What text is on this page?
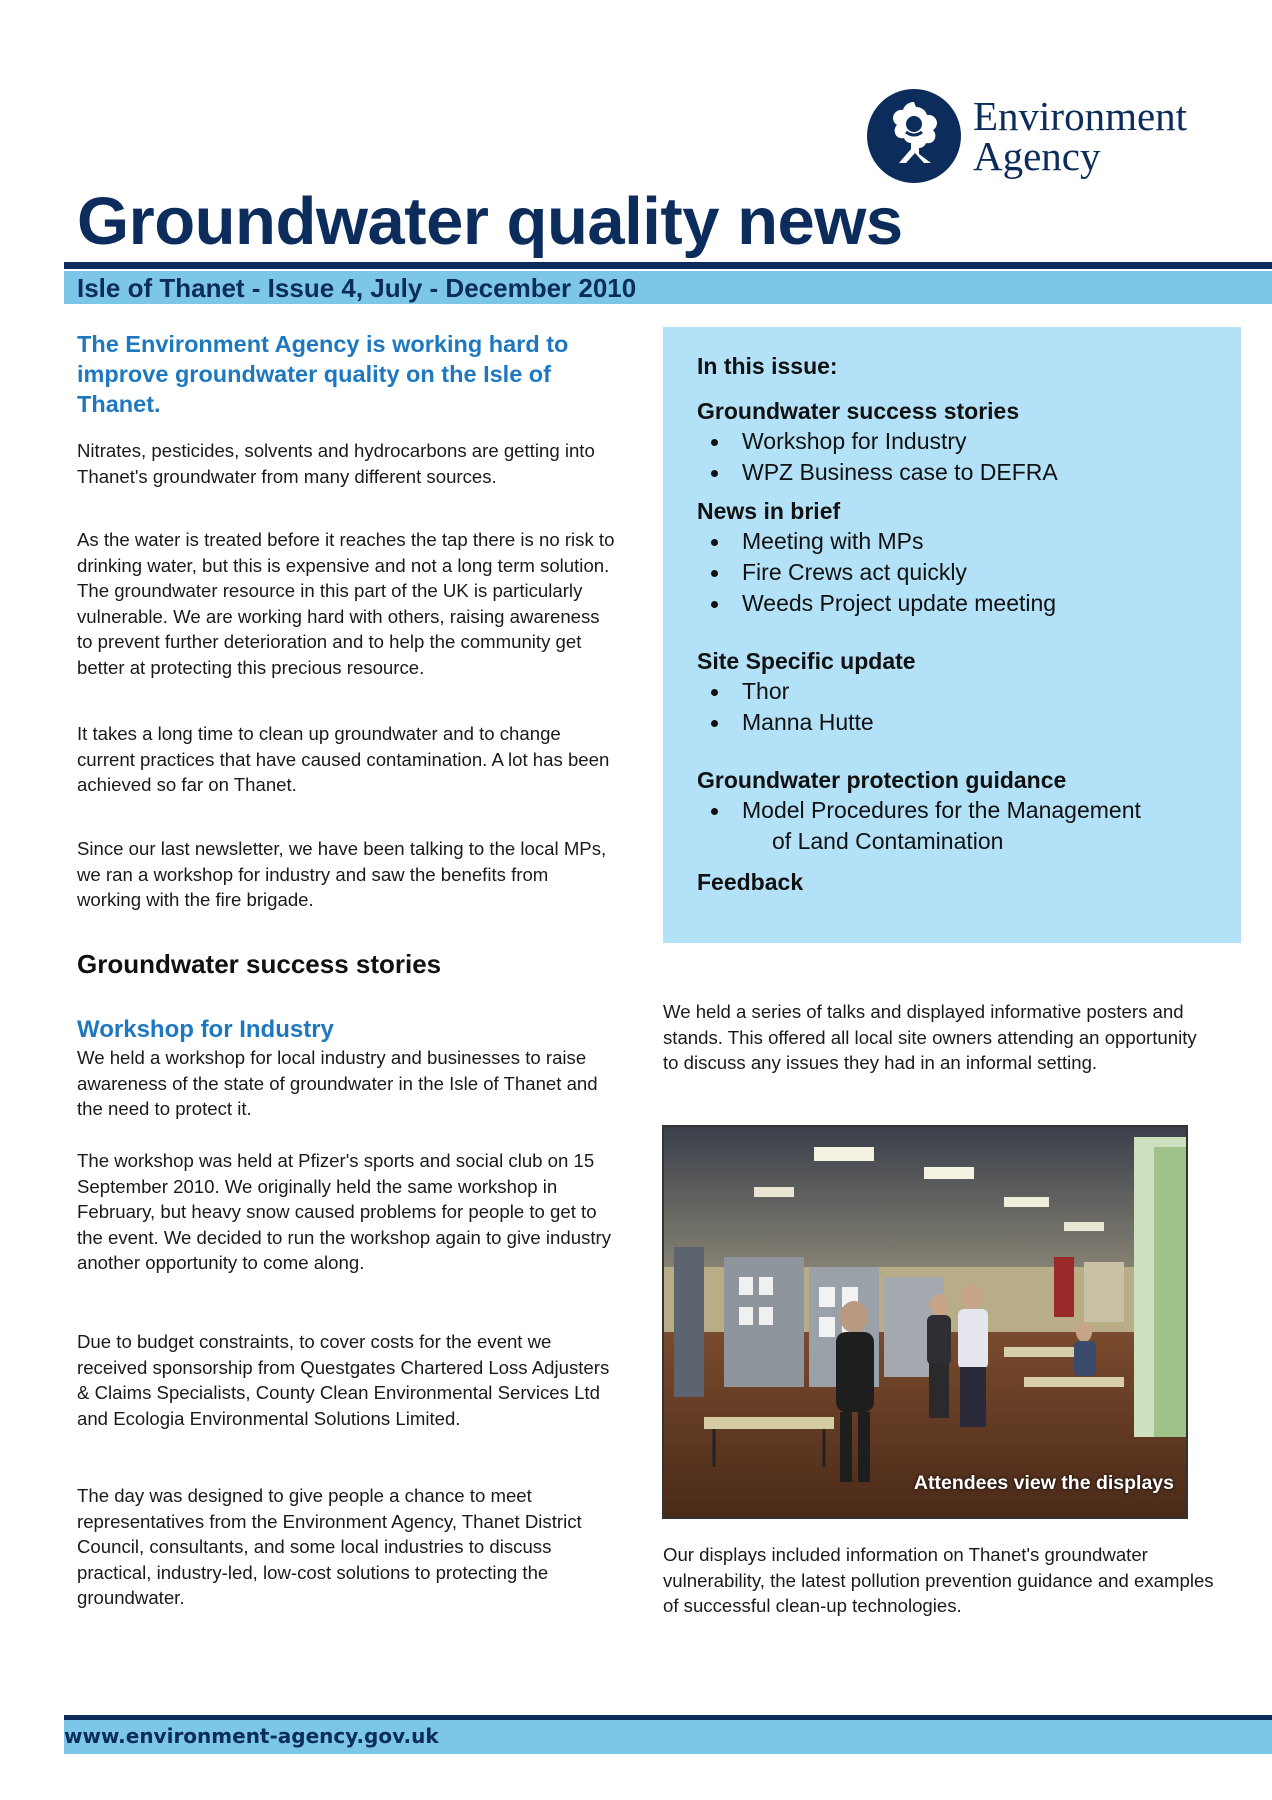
Environment
Agency
Groundwater quality news
Isle of Thanet - Issue 4, July - December 2010
The Environment Agency is working hard to improve groundwater quality on the Isle of Thanet.
Nitrates, pesticides, solvents and hydrocarbons are getting into Thanet's groundwater from many different sources.
As the water is treated before it reaches the tap there is no risk to drinking water, but this is expensive and not a long term solution. The groundwater resource in this part of the UK is particularly vulnerable. We are working hard with others, raising awareness to prevent further deterioration and to help the community get better at protecting this precious resource.
It takes a long time to clean up groundwater and to change current practices that have caused contamination. A lot has been achieved so far on Thanet.
Since our last newsletter, we have been talking to the local MPs, we ran a workshop for industry and saw the benefits from working with the fire brigade.
In this issue:
Groundwater success stories
Workshop for Industry
WPZ Business case to DEFRA
News in brief
Meeting with MPs
Fire Crews act quickly
Weeds Project update meeting
Site Specific update
Thor
Manna Hutte
Groundwater protection guidance
Model Procedures for the Management
of Land Contamination
Feedback
Groundwater success stories
Workshop for Industry
We held a workshop for local industry and businesses to raise awareness of the state of groundwater in the Isle of Thanet and the need to protect it.
The workshop was held at Pfizer's sports and social club on 15 September 2010. We originally held the same workshop in February, but heavy snow caused problems for people to get to the event. We decided to run the workshop again to give industry another opportunity to come along.
Due to budget constraints, to cover costs for the event we received sponsorship from Questgates Chartered Loss Adjusters & Claims Specialists, County Clean Environmental Services Ltd and Ecologia Environmental Solutions Limited.
The day was designed to give people a chance to meet representatives from the Environment Agency, Thanet District Council, consultants, and some local industries to discuss practical, industry-led, low-cost solutions to protecting the groundwater.
We held a series of talks and displayed informative posters and stands. This offered all local site owners attending an opportunity to discuss any issues they had in an informal setting.
Attendees view the displays
Our displays included information on Thanet's groundwater vulnerability, the latest pollution prevention guidance and examples of successful clean-up technologies.
www.environment-agency.gov.uk
